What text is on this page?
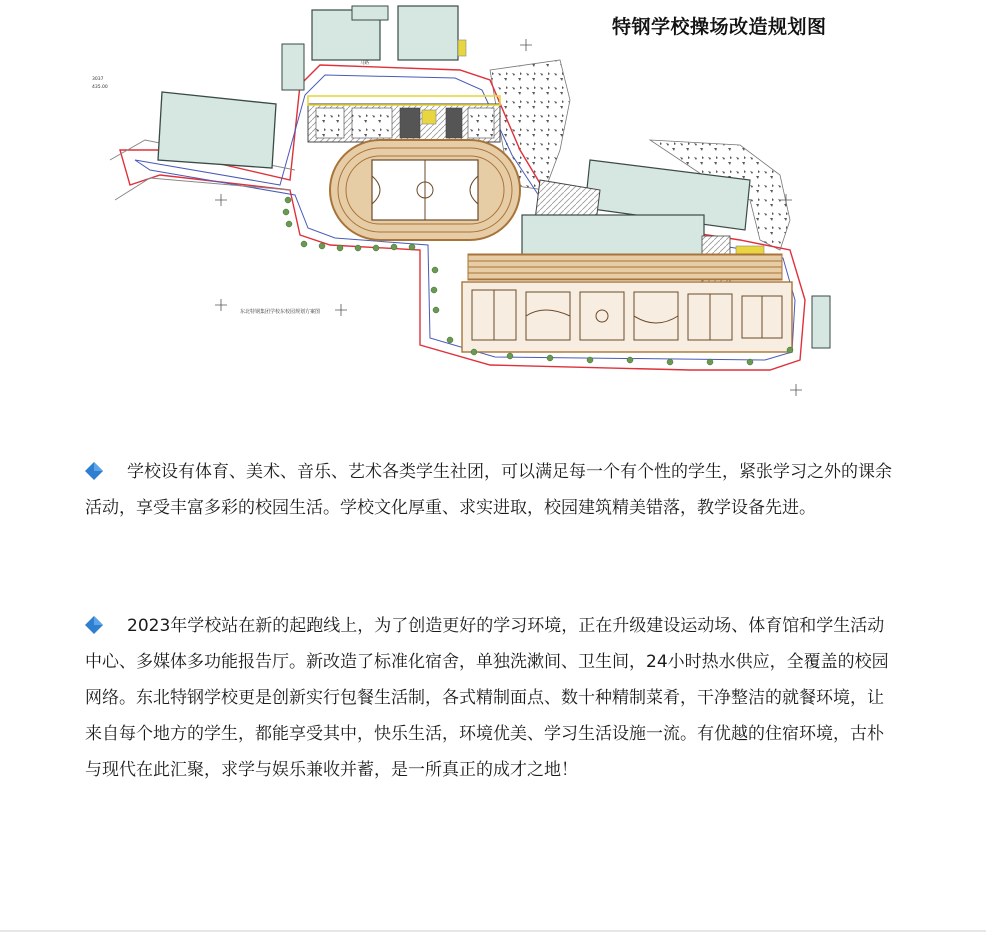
3037
435.00
马路
东北特钢集团学校东校园规划方案图
特钢学校操场改造规划图
学校设有体育、美术、音乐、艺术各类学生社团，可以满足每一个有个性的学生，紧张学习之外的课余活动，享受丰富多彩的校园生活。学校文化厚重、求实进取，校园建筑精美错落，教学设备先进。
2023年学校站在新的起跑线上，为了创造更好的学习环境，正在升级建设运动场、体育馆和学生活动中心、多媒体多功能报告厅。新改造了标准化宿舍，单独洗漱间、卫生间，24小时热水供应，全覆盖的校园网络。东北特钢学校更是创新实行包餐生活制，各式精制面点、数十种精制菜肴，干净整洁的就餐环境，让来自每个地方的学生，都能享受其中，快乐生活，环境优美、学习生活设施一流。有优越的住宿环境，古朴与现代在此汇聚，求学与娱乐兼收并蓄，是一所真正的成才之地！
